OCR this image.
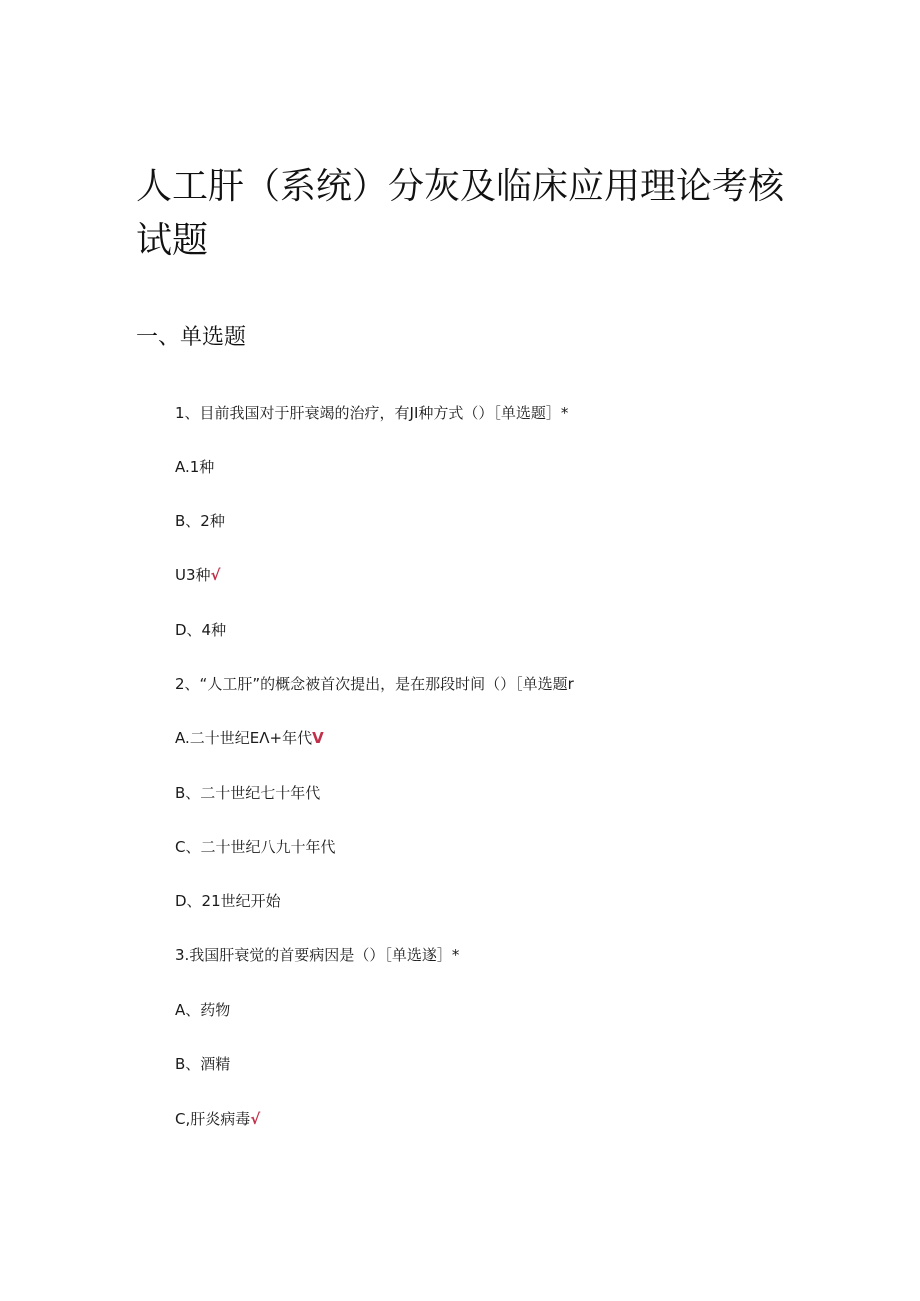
人工肝（系统）分灰及临床应用理论考核试题
一、单选题
1、目前我国对于肝衰竭的治疗，有JI种方式（）［单选题］*
A.1种
B、2种
U3种√
D、4种
2、“人工肝”的概念被首次提出，是在那段时间（）［单选题r
A.二十世纪EΛ+年代V
B、二十世纪七十年代
C、二十世纪八九十年代
D、21世纪开始
3.我国肝衰觉的首要病因是（）［单选遂］*
A、药物
B、酒精
C,肝炎病毒√
